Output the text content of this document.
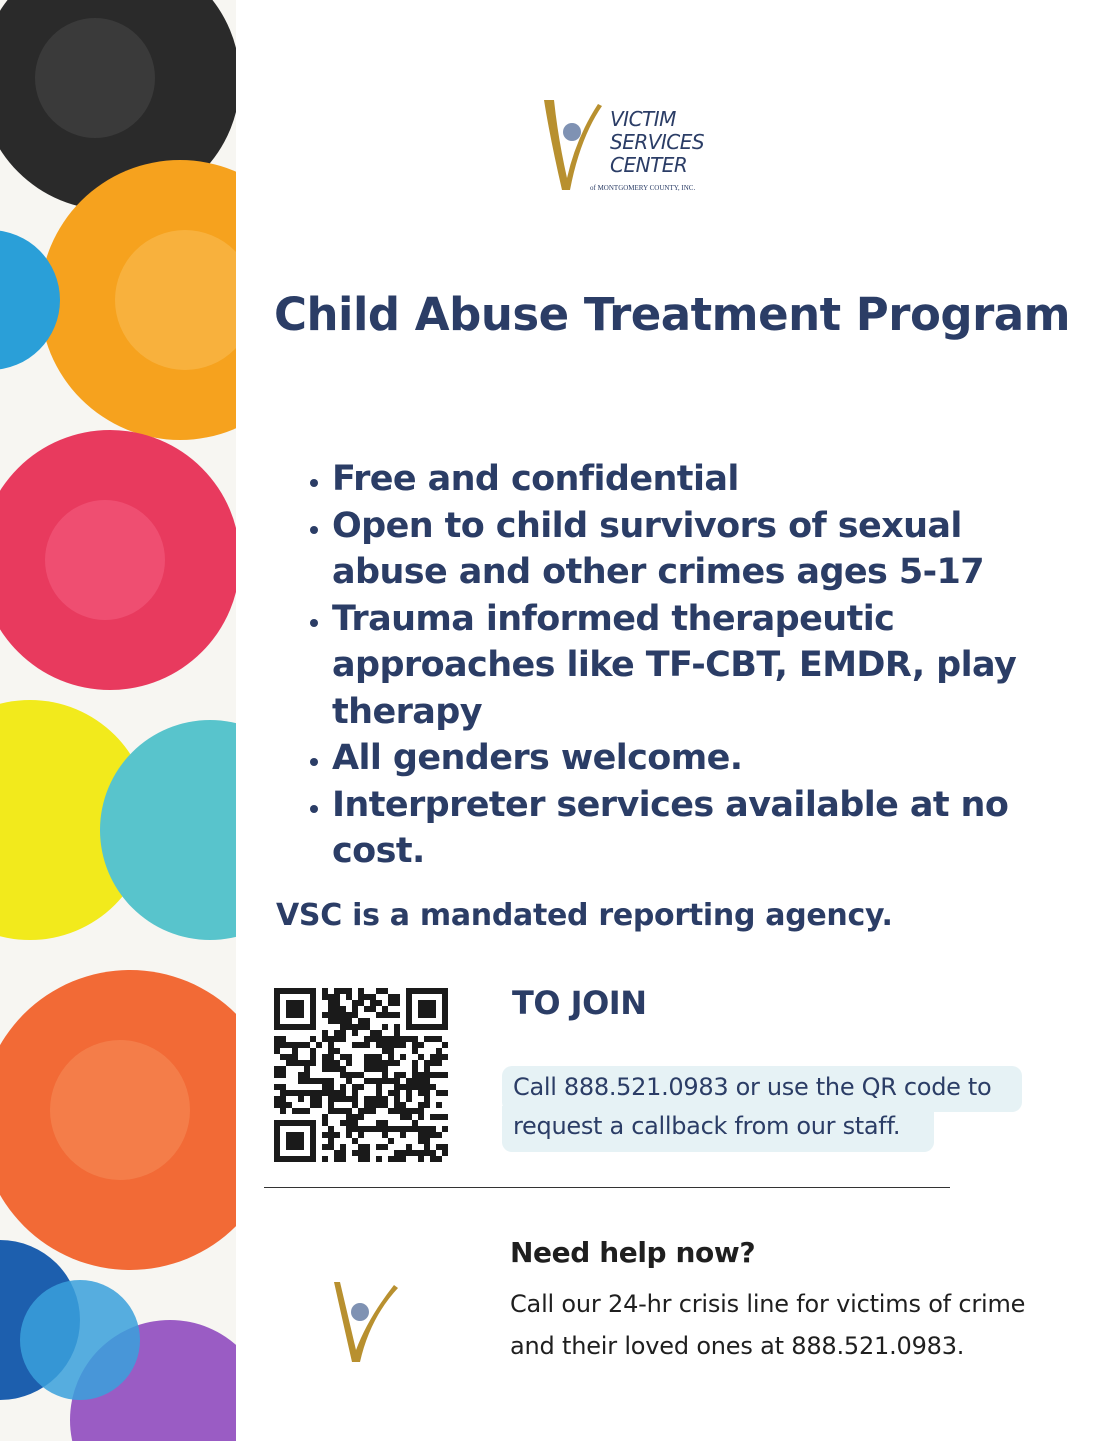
VICTIM
SERVICES
CENTER
of MONTGOMERY COUNTY, INC.
Child Abuse Treatment Program
• Free and confidential
• Open to child survivors of sexual abuse and other crimes ages 5-17
• Trauma informed therapeutic approaches like TF-CBT, EMDR, play therapy
• All genders welcome.
• Interpreter services available at no cost.
VSC is a mandated reporting agency.
TO JOIN
Call 888.521.0983 or use the QR code to request a callback from our staff.
Need help now?
Call our 24-hr crisis line for victims of crime and their loved ones at 888.521.0983.
